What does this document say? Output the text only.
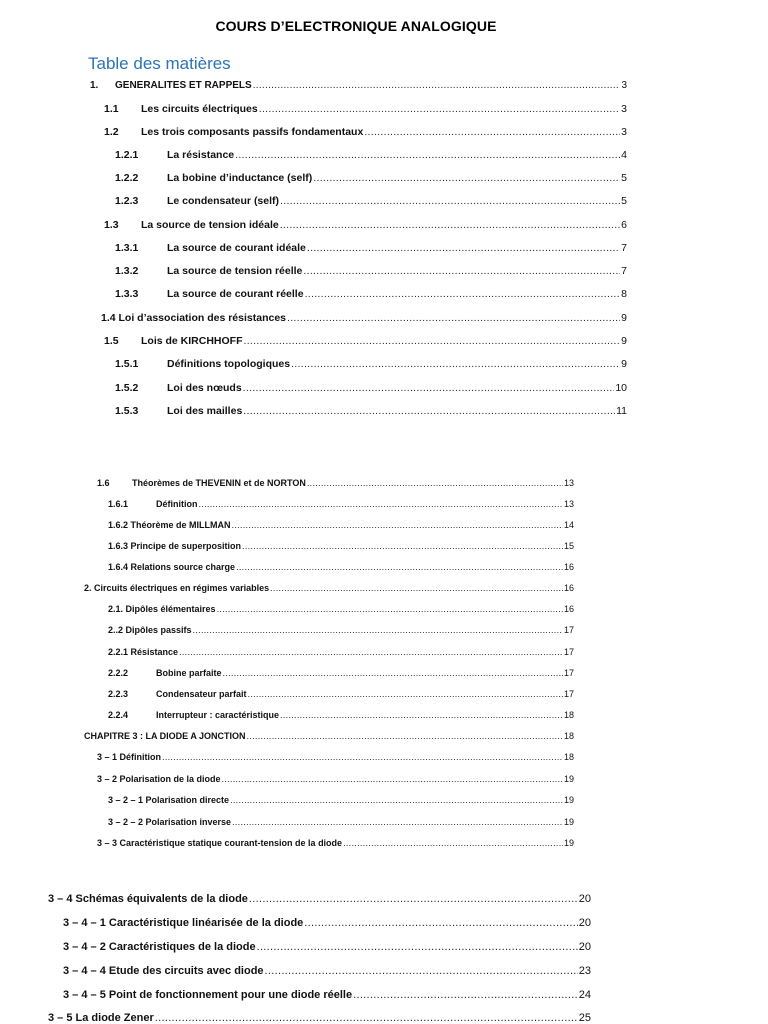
COURS D’ELECTRONIQUE ANALOGIQUE
Table des matières
1.	GENERALITES ET RAPPELS .....	3
1.1	Les circuits électriques .....	3
1.2	Les trois composants passifs fondamentaux .....	3
1.2.1	La résistance .....	4
1.2.2	La bobine d’inductance (self) .....	5
1.2.3	Le condensateur (self) .....	5
1.3	La source de tension idéale .....	6
1.3.1	La source de courant idéale .....	7
1.3.2	La source de tension réelle .....	7
1.3.3	La source de courant réelle .....	8
1.4 Loi d’association des résistances .....	9
1.5	Lois de KIRCHHOFF .....	9
1.5.1	Définitions topologiques .....	9
1.5.2	Loi des nœuds .....	10
1.5.3	Loi des mailles .....	11
1.6	Théorèmes de THEVENIN et de NORTON .....	13
1.6.1	Définition .....	13
1.6.2 Théorème de MILLMAN .....	14
1.6.3 Principe de superposition .....	15
1.6.4 Relations source charge .....	16
2. Circuits électriques en régimes variables .....	16
2.1. Dipôles élémentaires .....	16
2..2 Dipôles passifs .....	17
2.2.1 Résistance .....	17
2.2.2	Bobine parfaite .....	17
2.2.3	Condensateur parfait .....	17
2.2.4	Interrupteur : caractéristique .....	18
CHAPITRE 3 : LA DIODE A JONCTION .....	18
3 – 1 Définition .....	18
3 – 2 Polarisation de la diode .....	19
3 – 2 – 1 Polarisation directe .....	19
3 – 2 – 2 Polarisation inverse .....	19
3 – 3 Caractéristique statique courant-tension de la diode .....	19
3 – 4 Schémas équivalents de la diode .....	20
3 – 4 – 1 Caractéristique linéarisée de la diode .....	20
3 – 4 – 2 Caractéristiques de la diode .....	20
3 – 4 – 4 Etude des circuits avec diode .....	23
3 – 4 – 5 Point de fonctionnement pour une diode réelle .....	24
3 – 5 La diode Zener .....	25
